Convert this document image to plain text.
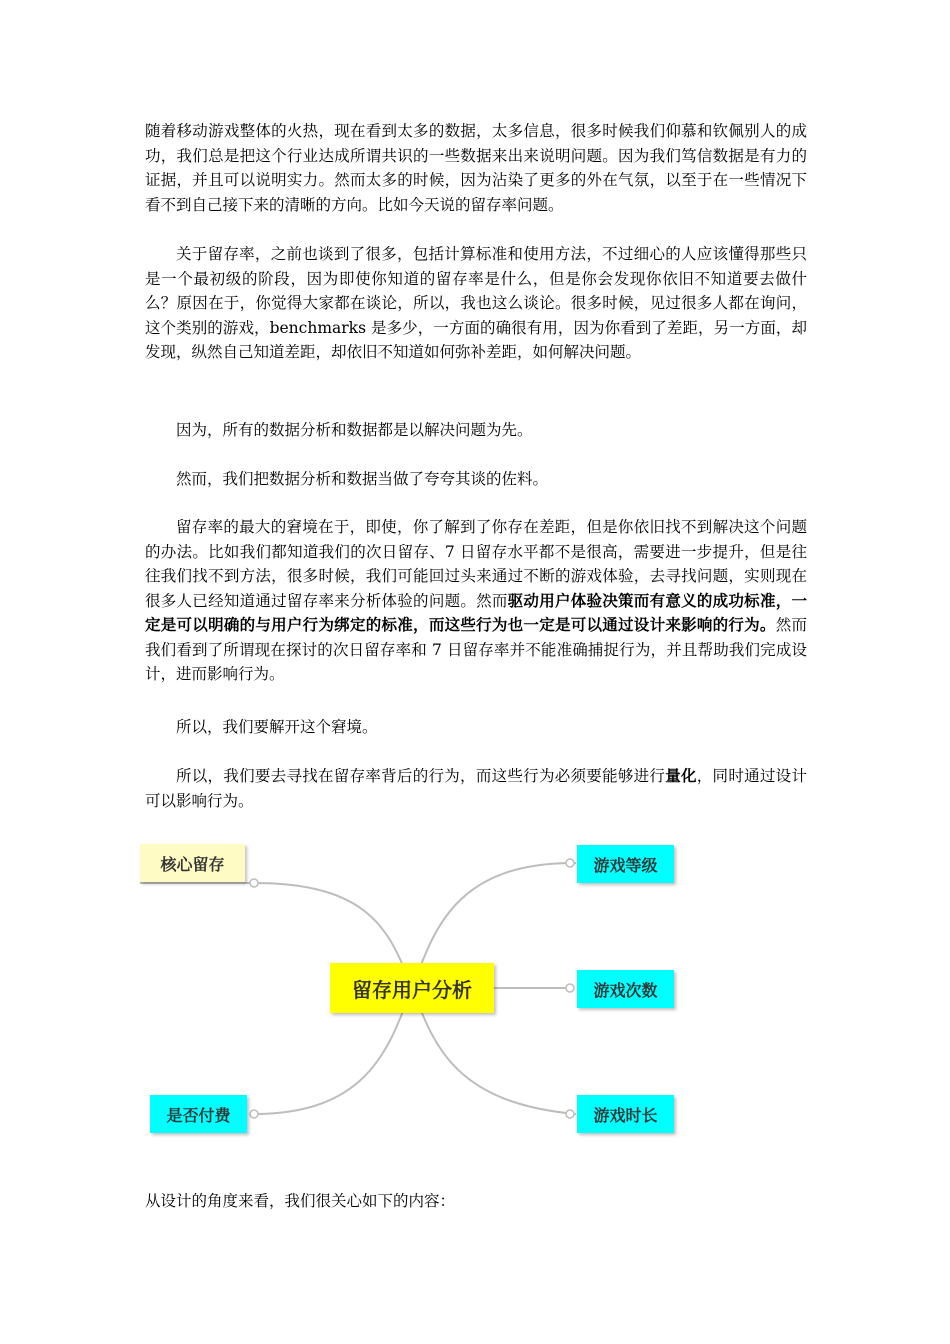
随着移动游戏整体的火热，现在看到太多的数据，太多信息，很多时候我们仰慕和钦佩别人的成功，我们总是把这个行业达成所谓共识的一些数据来出来说明问题。因为我们笃信数据是有力的证据，并且可以说明实力。然而太多的时候，因为沾染了更多的外在气氛，以至于在一些情况下看不到自己接下来的清晰的方向。比如今天说的留存率问题。

关于留存率，之前也谈到了很多，包括计算标准和使用方法，不过细心的人应该懂得那些只是一个最初级的阶段，因为即使你知道的留存率是什么，但是你会发现你依旧不知道要去做什么？原因在于，你觉得大家都在谈论，所以，我也这么谈论。很多时候，见过很多人都在询问，这个类别的游戏，benchmarks 是多少，一方面的确很有用，因为你看到了差距，另一方面，却发现，纵然自己知道差距，却依旧不知道如何弥补差距，如何解决问题。

因为，所有的数据分析和数据都是以解决问题为先。

然而，我们把数据分析和数据当做了夸夸其谈的佐料。

留存率的最大的窘境在于，即使，你了解到了你存在差距，但是你依旧找不到解决这个问题的办法。比如我们都知道我们的次日留存、7 日留存水平都不是很高，需要进一步提升，但是往往我们找不到方法，很多时候，我们可能回过头来通过不断的游戏体验，去寻找问题，实则现在很多人已经知道通过留存率来分析体验的问题。然而驱动用户体验决策而有意义的成功标准，一定是可以明确的与用户行为绑定的标准，而这些行为也一定是可以通过设计来影响的行为。然而我们看到了所谓现在探讨的次日留存率和 7 日留存率并不能准确捕捉行为，并且帮助我们完成设计，进而影响行为。

所以，我们要解开这个窘境。

所以，我们要去寻找在留存率背后的行为，而这些行为必须要能够进行量化，同时通过设计可以影响行为。

留存用户分析
核心留存
是否付费
游戏等级
游戏次数
游戏时长

从设计的角度来看，我们很关心如下的内容：
